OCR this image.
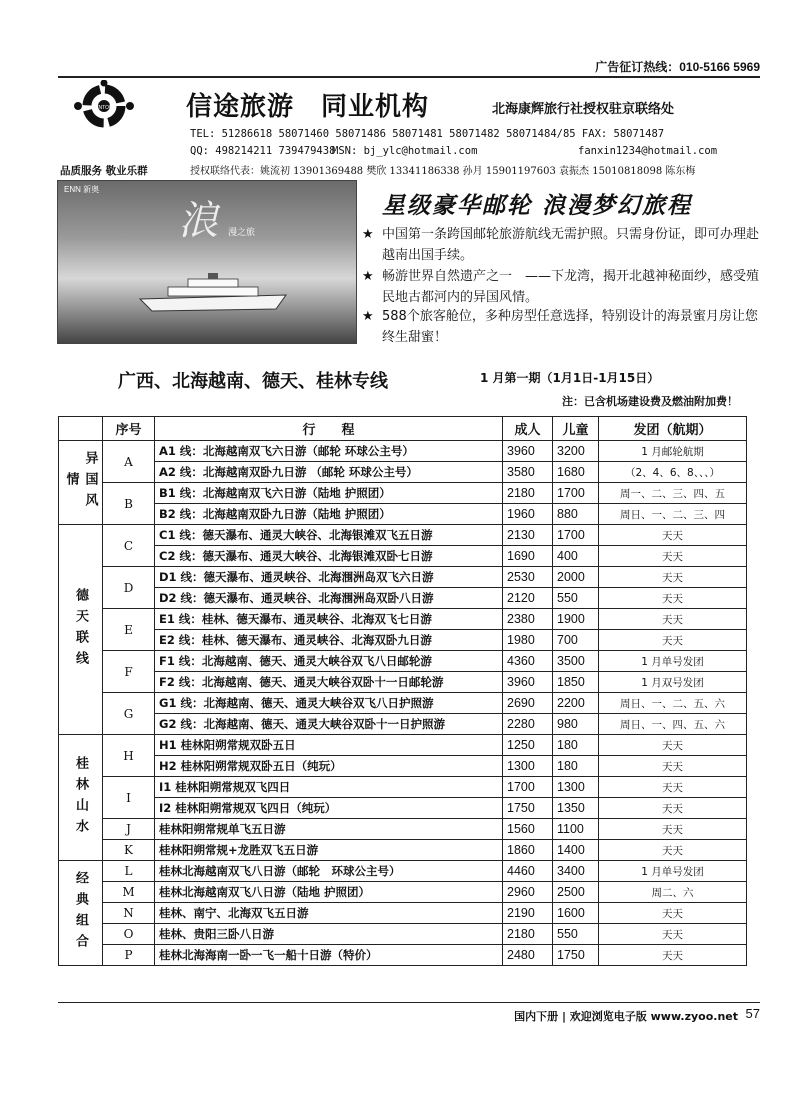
广告征订热线：010-5166 5969
SENTOUR
品质服务 敬业乐群
信途旅游　同业机构	北海康辉旅行社授权驻京联络处
TEL: 51286618 58071460 58071486 58071481 58071482 58071484/85 FAX: 58071487
QQ: 498214211 739479438
MSN: bj_ylc@hotmail.com	fanxin1234@hotmail.com
授权联络代表：姚流初 13901369488 樊欣 13341186338 孙月 15901197603 袁振杰 15010818098 陈东梅
ENN 新奥
浪 漫之旅
星级豪华邮轮 浪漫梦幻旅程
★ 中国第一条跨国邮轮旅游航线无需护照。只需身份证，即可办理赴越南出国手续。
★ 畅游世界自然遗产之一　——下龙湾，揭开北越神秘面纱，感受殖民地古都河内的异国风情。
★ 588个旅客舱位，多种房型任意选择，特别设计的海景蜜月房让您终生甜蜜！
广西、北海越南、德天、桂林专线	1 月第一期（1月1日-1月15日）
注：已含机场建设费及燃油附加费！
	序号	行　　程	成人	儿童	发团（航期）
异国风情	A	A1 线：北海越南双飞六日游（邮轮 环球公主号）	3960	3200	1 月邮轮航期
		A2 线：北海越南双卧九日游 （邮轮 环球公主号）	3580	1680	（2、4、6、8、、、）
	B	B1 线：北海越南双飞六日游（陆地 护照团）	2180	1700	周一、二、三、四、五
		B2 线：北海越南双卧九日游（陆地 护照团）	1960	880	周日、一、二、三、四
德天联线	C	C1 线：德天瀑布、通灵大峡谷、北海银滩双飞五日游	2130	1700	天天
		C2 线：德天瀑布、通灵大峡谷、北海银滩双卧七日游	1690	400	天天
	D	D1 线：德天瀑布、通灵峡谷、北海涠洲岛双飞六日游	2530	2000	天天
		D2 线：德天瀑布、通灵峡谷、北海涠洲岛双卧八日游	2120	550	天天
	E	E1 线：桂林、德天瀑布、通灵峡谷、北海双飞七日游	2380	1900	天天
		E2 线：桂林、德天瀑布、通灵峡谷、北海双卧九日游	1980	700	天天
	F	F1 线：北海越南、德天、通灵大峡谷双飞八日邮轮游	4360	3500	1 月单号发团
		F2 线：北海越南、德天、通灵大峡谷双卧十一日邮轮游	3960	1850	1 月双号发团
	G	G1 线：北海越南、德天、通灵大峡谷双飞八日护照游	2690	2200	周日、一、二、五、六
		G2 线：北海越南、德天、通灵大峡谷双卧十一日护照游	2280	980	周日、一、四、五、六
桂林山水	H	H1 桂林阳朔常规双卧五日	1250	180	天天
		H2 桂林阳朔常规双卧五日（纯玩）	1300	180	天天
	I	I1 桂林阳朔常规双飞四日	1700	1300	天天
		I2 桂林阳朔常规双飞四日（纯玩）	1750	1350	天天
	J	桂林阳朔常规单飞五日游	1560	1100	天天
	K	桂林阳朔常规+龙胜双飞五日游	1860	1400	天天
经典组合	L	桂林北海越南双飞八日游（邮轮　环球公主号）	4460	3400	1 月单号发团
	M	桂林北海越南双飞八日游（陆地 护照团）	2960	2500	周二、六
	N	桂林、南宁、北海双飞五日游	2190	1600	天天
	O	桂林、贵阳三卧八日游	2180	550	天天
	P	桂林北海海南一卧一飞一船十日游（特价）	2480	1750	天天
国内下册 | 欢迎浏览电子版 www.zyoo.net 57
